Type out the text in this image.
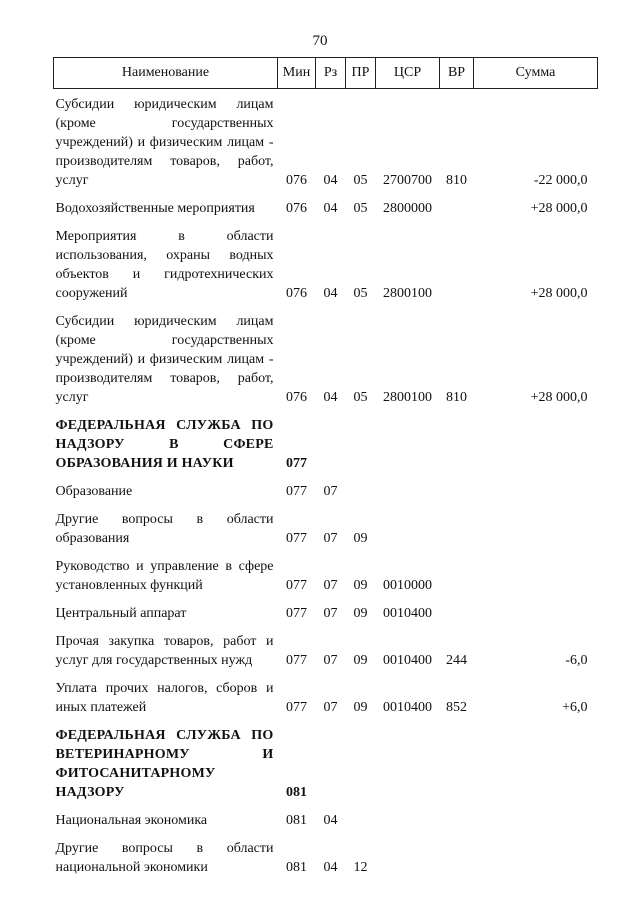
70
Наименование	Мин	Рз	ПР	ЦСР	ВР	Сумма
Субсидии юридическим лицам (кроме государственных учреждений) и физическим лицам - производителям товаров, работ, услуг	076	04	05	2700700	810	-22 000,0
Водохозяйственные мероприятия	076	04	05	2800000		+28 000,0
Мероприятия в области использования, охраны водных объектов и гидротехнических сооружений	076	04	05	2800100		+28 000,0
Субсидии юридическим лицам (кроме государственных учреждений) и физическим лицам - производителям товаров, работ, услуг	076	04	05	2800100	810	+28 000,0
ФЕДЕРАЛЬНАЯ СЛУЖБА ПО НАДЗОРУ В СФЕРЕ ОБРАЗОВАНИЯ И НАУКИ	077					
Образование	077	07				
Другие вопросы в области образования	077	07	09			
Руководство и управление в сфере установленных функций	077	07	09	0010000		
Центральный аппарат	077	07	09	0010400		
Прочая закупка товаров, работ и услуг для государственных нужд	077	07	09	0010400	244	-6,0
Уплата прочих налогов, сборов и иных платежей	077	07	09	0010400	852	+6,0
ФЕДЕРАЛЬНАЯ СЛУЖБА ПО ВЕТЕРИНАРНОМУ И ФИТОСАНИТАРНОМУ НАДЗОРУ	081					
Национальная экономика	081	04				
Другие вопросы в области национальной экономики	081	04	12			
